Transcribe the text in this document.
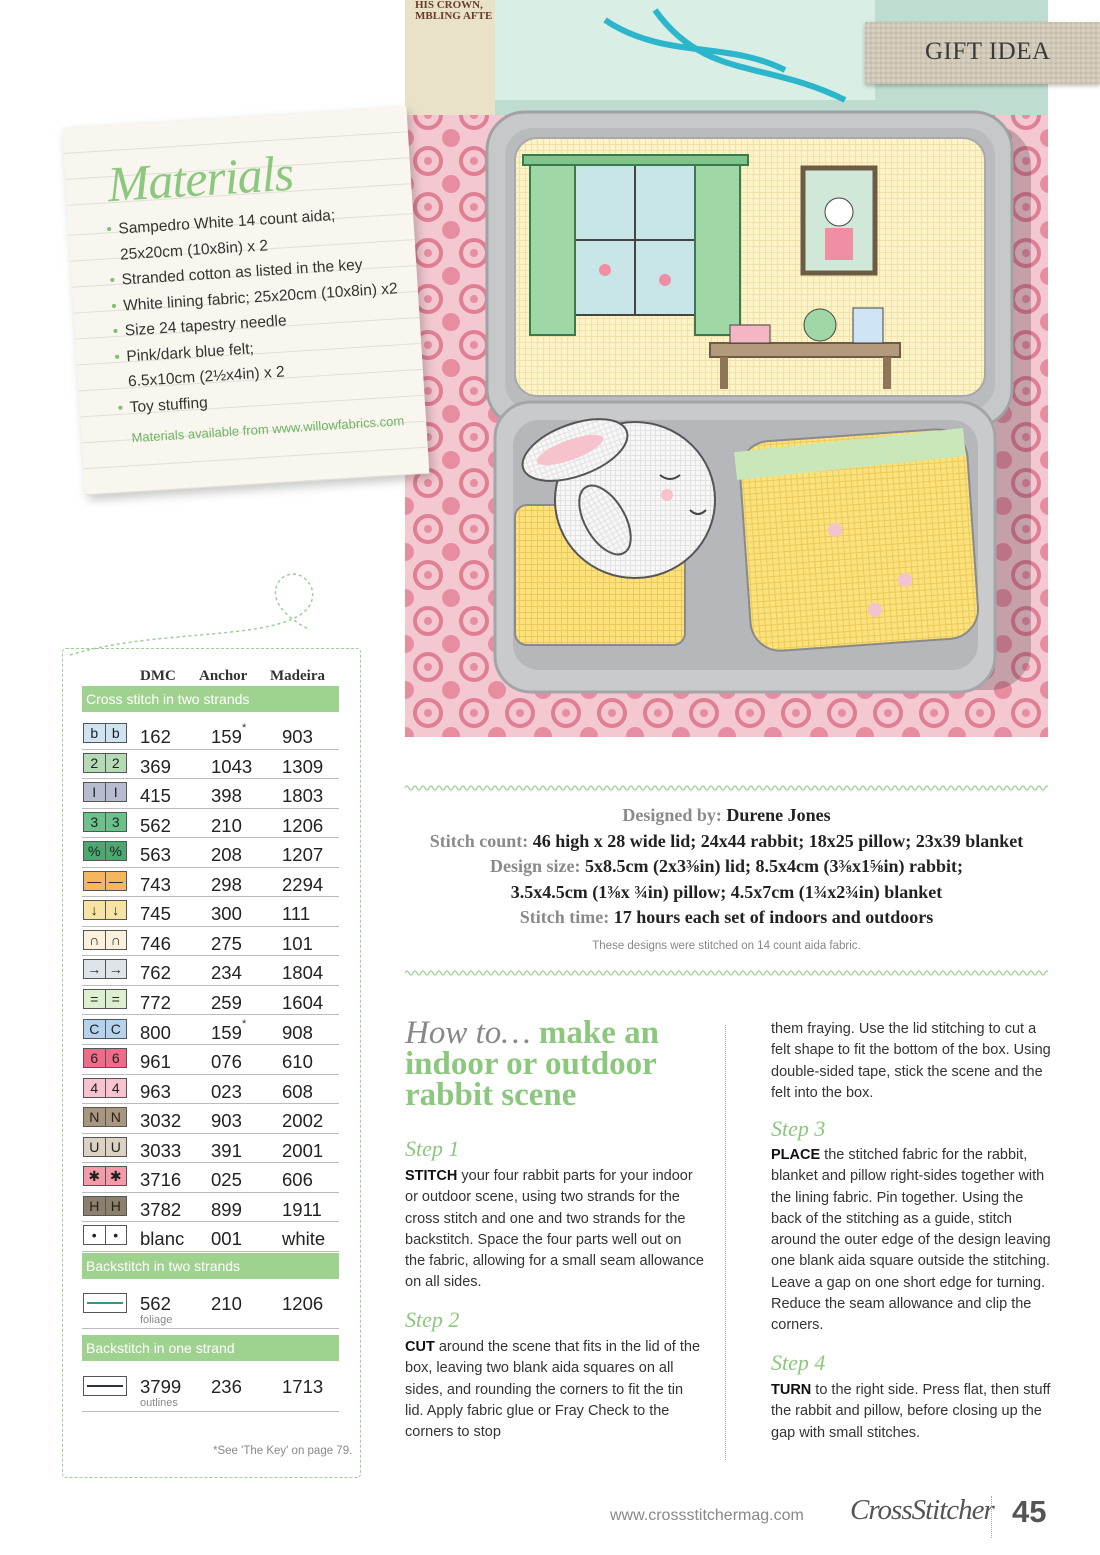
HIS CROWN,
MBLING AFTE
GIFT IDEA
Materials
• Sampedro White 14 count aida;
25x20cm (10x8in) x 2
• Stranded cotton as listed in the key
• White lining fabric; 25x20cm (10x8in) x2
• Size 24 tapestry needle
• Pink/dark blue felt;
6.5x10cm (2½x4in) x 2
• Toy stuffing
Materials available from www.willowfabrics.com
DMC Anchor Madeira
Cross stitch in two strands
b b	162 159 * 903
2 2	369 1043 1309
I	I	415 398 1803
3 3	562 210 1206
% % 563 208 1207
— — 743 298 2294
↓	↓	745 300 111
∩ ∩ 746 275 101
→ → 762 234 1804
= =	772 259 1604
C C 800 159 * 908
6 6	961 076 610
4 4	963 023 608
N N 3032 903 2002
U U 3033 391 2001
✱ ✱ 3716 025 606
H H 3782 899 1911
•	•	blanc 001 white
Backstitch in two strands
562 210 1206
foliage
Backstitch in one strand
3799 236 1713
outlines
*See 'The Key' on page 79.
Designed by: Durene Jones
Stitch count: 46 high x 28 wide lid; 24x44 rabbit; 18x25 pillow; 23x39 blanket
Design size: 5x8.5cm (2x3⅜in) lid; 8.5x4cm (3⅜x1⅝in) rabbit;
3.5x4.5cm (1⅜x ¾in) pillow; 4.5x7cm (1¾x2¾in) blanket
Stitch time: 17 hours each set of indoors and outdoors
These designs were stitched on 14 count aida fabric.
How to… make an
indoor or outdoor
rabbit scene
Step 1
STITCH your four rabbit parts for your indoor or outdoor scene, using two strands for the cross stitch and one and two strands for the backstitch. Space the four parts well out on the fabric, allowing for a small seam allowance on all sides.
Step 2
CUT around the scene that fits in the lid of the box, leaving two blank aida squares on all sides, and rounding the corners to fit the tin lid. Apply fabric glue or Fray Check to the corners to stop
them fraying. Use the lid stitching to cut a felt shape to fit the bottom of the box. Using double-sided tape, stick the scene and the felt into the box.
Step 3
PLACE the stitched fabric for the rabbit, blanket and pillow right-sides together with the lining fabric. Pin together. Using the back of the stitching as a guide, stitch around the outer edge of the design leaving one blank aida square outside the stitching. Leave a gap on one short edge for turning. Reduce the seam allowance and clip the corners.
Step 4
TURN to the right side. Press flat, then stuff the rabbit and pillow, before closing up the gap with small stitches.
www.crossstitchermag.com CrossStitcher 45
